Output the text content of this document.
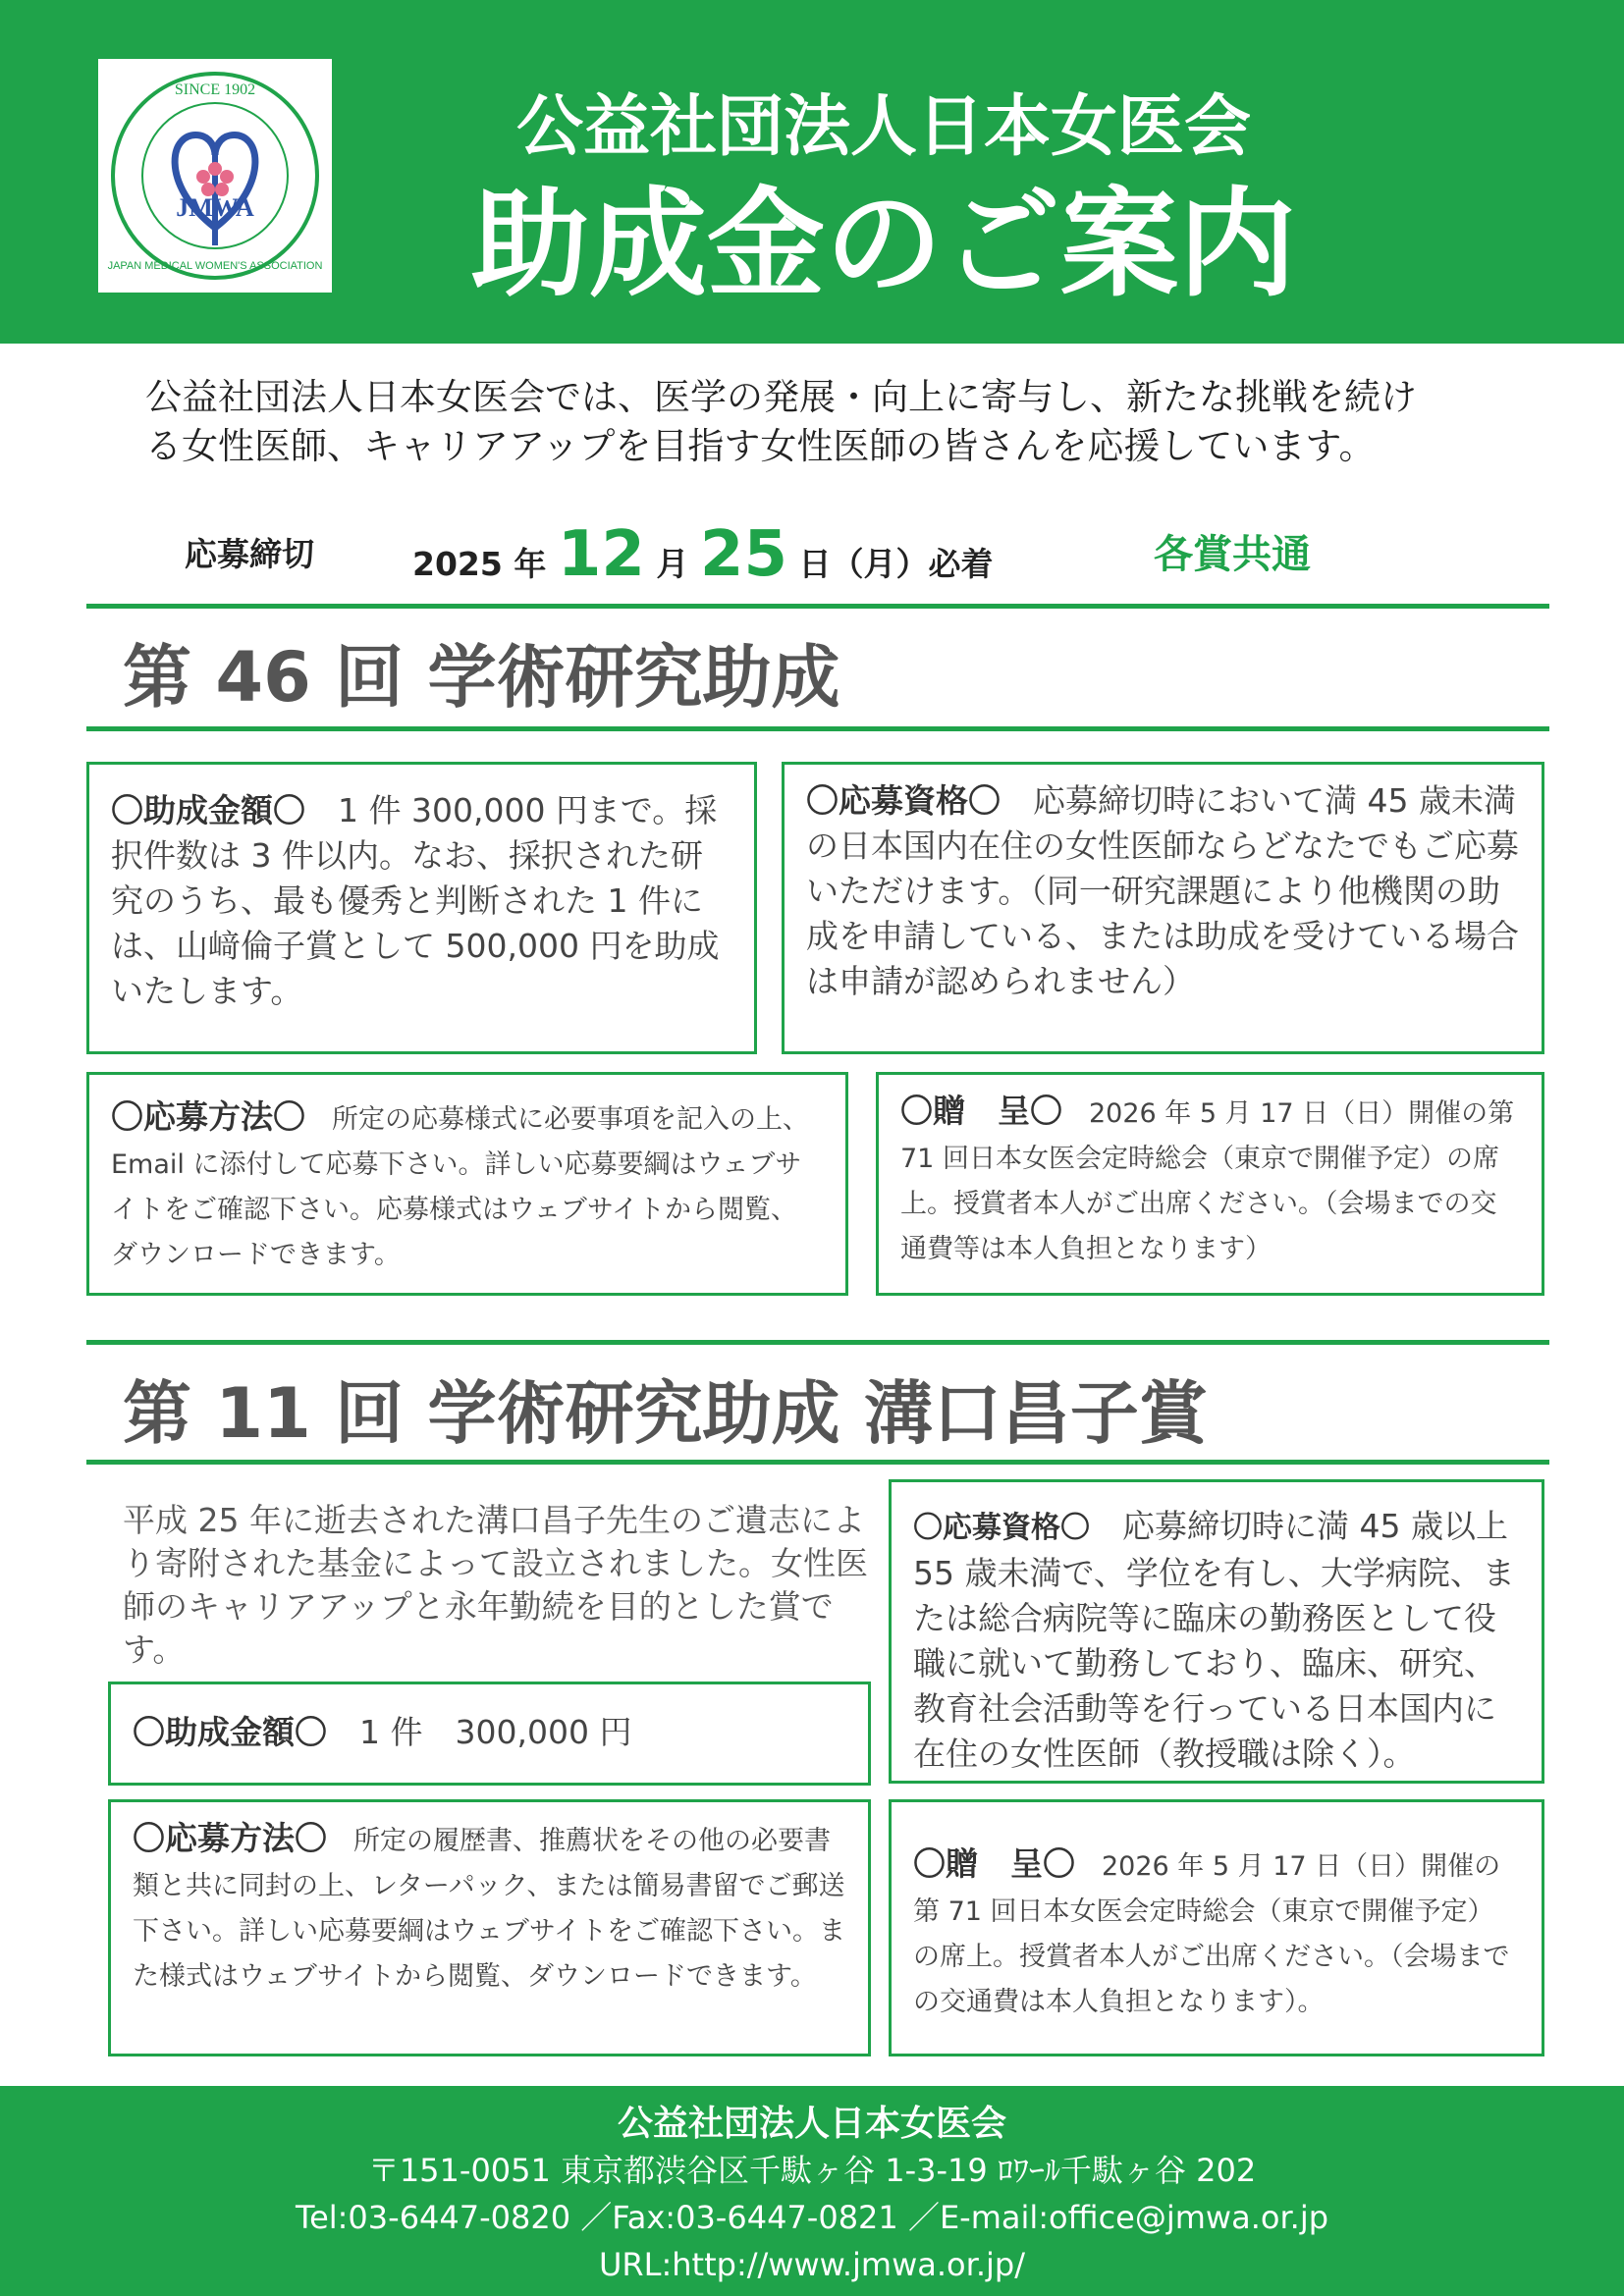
SINCE 1902
JMWA
JAPAN MEDICAL WOMEN'S ASSOCIATION
公益社団法人日本女医会
助成金のご案内
公益社団法人日本女医会では、医学の発展・向上に寄与し、新たな挑戦を続け
る女性医師、キャリアアップを目指す女性医師の皆さんを応援しています。
応募締切	2025 年 12 月 25 日（月）必着	各賞共通
第 46 回 学術研究助成
〇助成金額〇　1 件 300,000 円まで。採択件数は 3 件以内。なお、採択された研究のうち、最も優秀と判断された 1 件には、山﨑倫子賞として 500,000 円を助成いたします。
〇応募資格〇　応募締切時において満 45 歳未満の日本国内在住の女性医師ならどなたでもご応募いただけます。（同一研究課題により他機関の助成を申請している、または助成を受けている場合は申請が認められません）
〇応募方法〇　所定の応募様式に必要事項を記入の上、Email に添付して応募下さい。詳しい応募要綱はウェブサイトをご確認下さい。応募様式はウェブサイトから閲覧、ダウンロードできます。
〇贈　呈〇　2026 年 5 月 17 日（日）開催の第 71 回日本女医会定時総会（東京で開催予定）の席上。授賞者本人がご出席ください。（会場までの交通費等は本人負担となります）
第 11 回 学術研究助成 溝口昌子賞
平成 25 年に逝去された溝口昌子先生のご遺志により寄附された基金によって設立されました。女性医師のキャリアアップと永年勤続を目的とした賞です。
〇助成金額〇　1 件　300,000 円
〇応募資格〇　応募締切時に満 45 歳以上 55 歳未満で、学位を有し、大学病院、または総合病院等に臨床の勤務医として役職に就いて勤務しており、臨床、研究、教育社会活動等を行っている日本国内に在住の女性医師（教授職は除く）。
〇応募方法〇　所定の履歴書、推薦状をその他の必要書類と共に同封の上、レターパック、または簡易書留でご郵送下さい。詳しい応募要綱はウェブサイトをご確認下さい。また様式はウェブサイトから閲覧、ダウンロードできます。
〇贈　呈〇　2026 年 5 月 17 日（日）開催の第 71 回日本女医会定時総会（東京で開催予定）の席上。授賞者本人がご出席ください。（会場までの交通費は本人負担となります）。
公益社団法人日本女医会
〒151-0051 東京都渋谷区千駄ヶ谷 1-3-19 ﾛﾜｰﾙ千駄ヶ谷 202
Tel:03-6447-0820 ／Fax:03-6447-0821 ／E-mail:office@jmwa.or.jp
URL:http://www.jmwa.or.jp/
